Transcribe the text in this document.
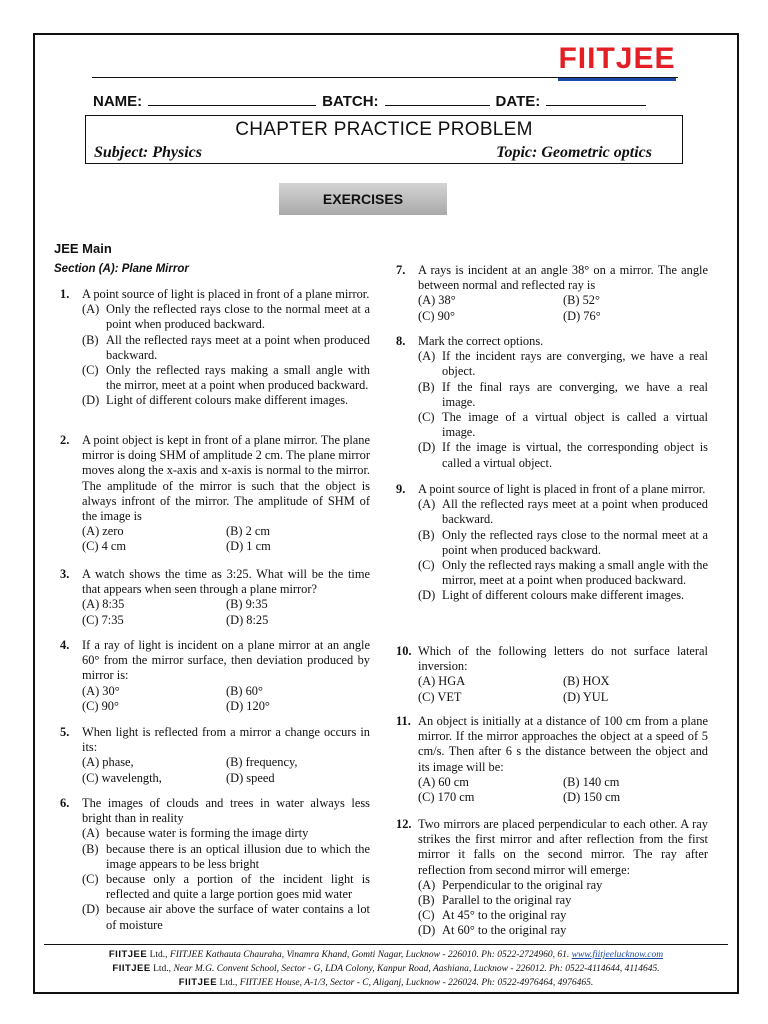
FIITJEE
NAME:	BATCH:	DATE:
CHAPTER PRACTICE PROBLEM
Subject: Physics	Topic: Geometric optics
EXERCISES
JEE Main
Section (A): Plane Mirror
1.	A point source of light is placed in front of a plane mirror.
(A) Only the reflected rays close to the normal meet at a point when produced backward.
(B) All the reflected rays meet at a point when produced backward.
(C) Only the reflected rays making a small angle with the mirror, meet at a point when produced backward.
(D) Light of different colours make different images.
2.	A point object is kept in front of a plane mirror. The plane mirror is doing SHM of amplitude 2 cm. The plane mirror moves along the x-axis and x-axis is normal to the mirror. The amplitude of the mirror is such that the object is always infront of the mirror. The amplitude of SHM of the image is
(A) zero	(B) 2 cm
(C) 4 cm	(D) 1 cm
3.	A watch shows the time as 3:25. What will be the time that appears when seen through a plane mirror?
(A) 8:35	(B) 9:35
(C) 7:35	(D) 8:25
4.	If a ray of light is incident on a plane mirror at an angle 60° from the mirror surface, then deviation produced by mirror is:
(A) 30°	(B) 60°
(C) 90°	(D) 120°
5.	When light is reflected from a mirror a change occurs in its:
(A) phase,	(B) frequency,
(C) wavelength,	(D) speed
6.	The images of clouds and trees in water always less bright than in reality
(A) because water is forming the image dirty
(B) because there is an optical illusion due to which the image appears to be less bright
(C) because only a portion of the incident light is reflected and quite a large portion goes mid water
(D) because air above the surface of water contains a lot of moisture
7.	A rays is incident at an angle 38° on a mirror. The angle between normal and reflected ray is
(A) 38°	(B) 52°
(C) 90°	(D) 76°
8.	Mark the correct options.
(A) If the incident rays are converging, we have a real object.
(B) If the final rays are converging, we have a real image.
(C) The image of a virtual object is called a virtual image.
(D) If the image is virtual, the corresponding object is called a virtual object.
9.	A point source of light is placed in front of a plane mirror.
(A) All the reflected rays meet at a point when produced backward.
(B) Only the reflected rays close to the normal meet at a point when produced backward.
(C) Only the reflected rays making a small angle with the mirror, meet at a point when produced backward.
(D) Light of different colours make different images.
10. Which of the following letters do not surface lateral inversion:
(A) HGA	(B) HOX
(C) VET	(D) YUL
11. An object is initially at a distance of 100 cm from a plane mirror. If the mirror approaches the object at a speed of 5 cm/s. Then after 6 s the distance between the object and its image will be:
(A) 60 cm	(B) 140 cm
(C) 170 cm	(D) 150 cm
12. Two mirrors are placed perpendicular to each other. A ray strikes the first mirror and after reflection from the first mirror it falls on the second mirror. The ray after reflection from second mirror will emerge:
(A) Perpendicular to the original ray
(B) Parallel to the original ray
(C) At 45° to the original ray
(D) At 60° to the original ray
FIITJEE Ltd., FIITJEE Kathauta Chauraha, Vinamra Khand, Gomti Nagar, Lucknow - 226010. Ph: 0522-2724960, 61. www.fiitjeelucknow.com
FIITJEE Ltd., Near M.G. Convent School, Sector - G, LDA Colony, Kanpur Road, Aashiana, Lucknow - 226012. Ph: 0522-4114644, 4114645.
FIITJEE Ltd., FIITJEE House, A-1/3, Sector - C, Aliganj, Lucknow - 226024. Ph: 0522-4976464, 4976465.
